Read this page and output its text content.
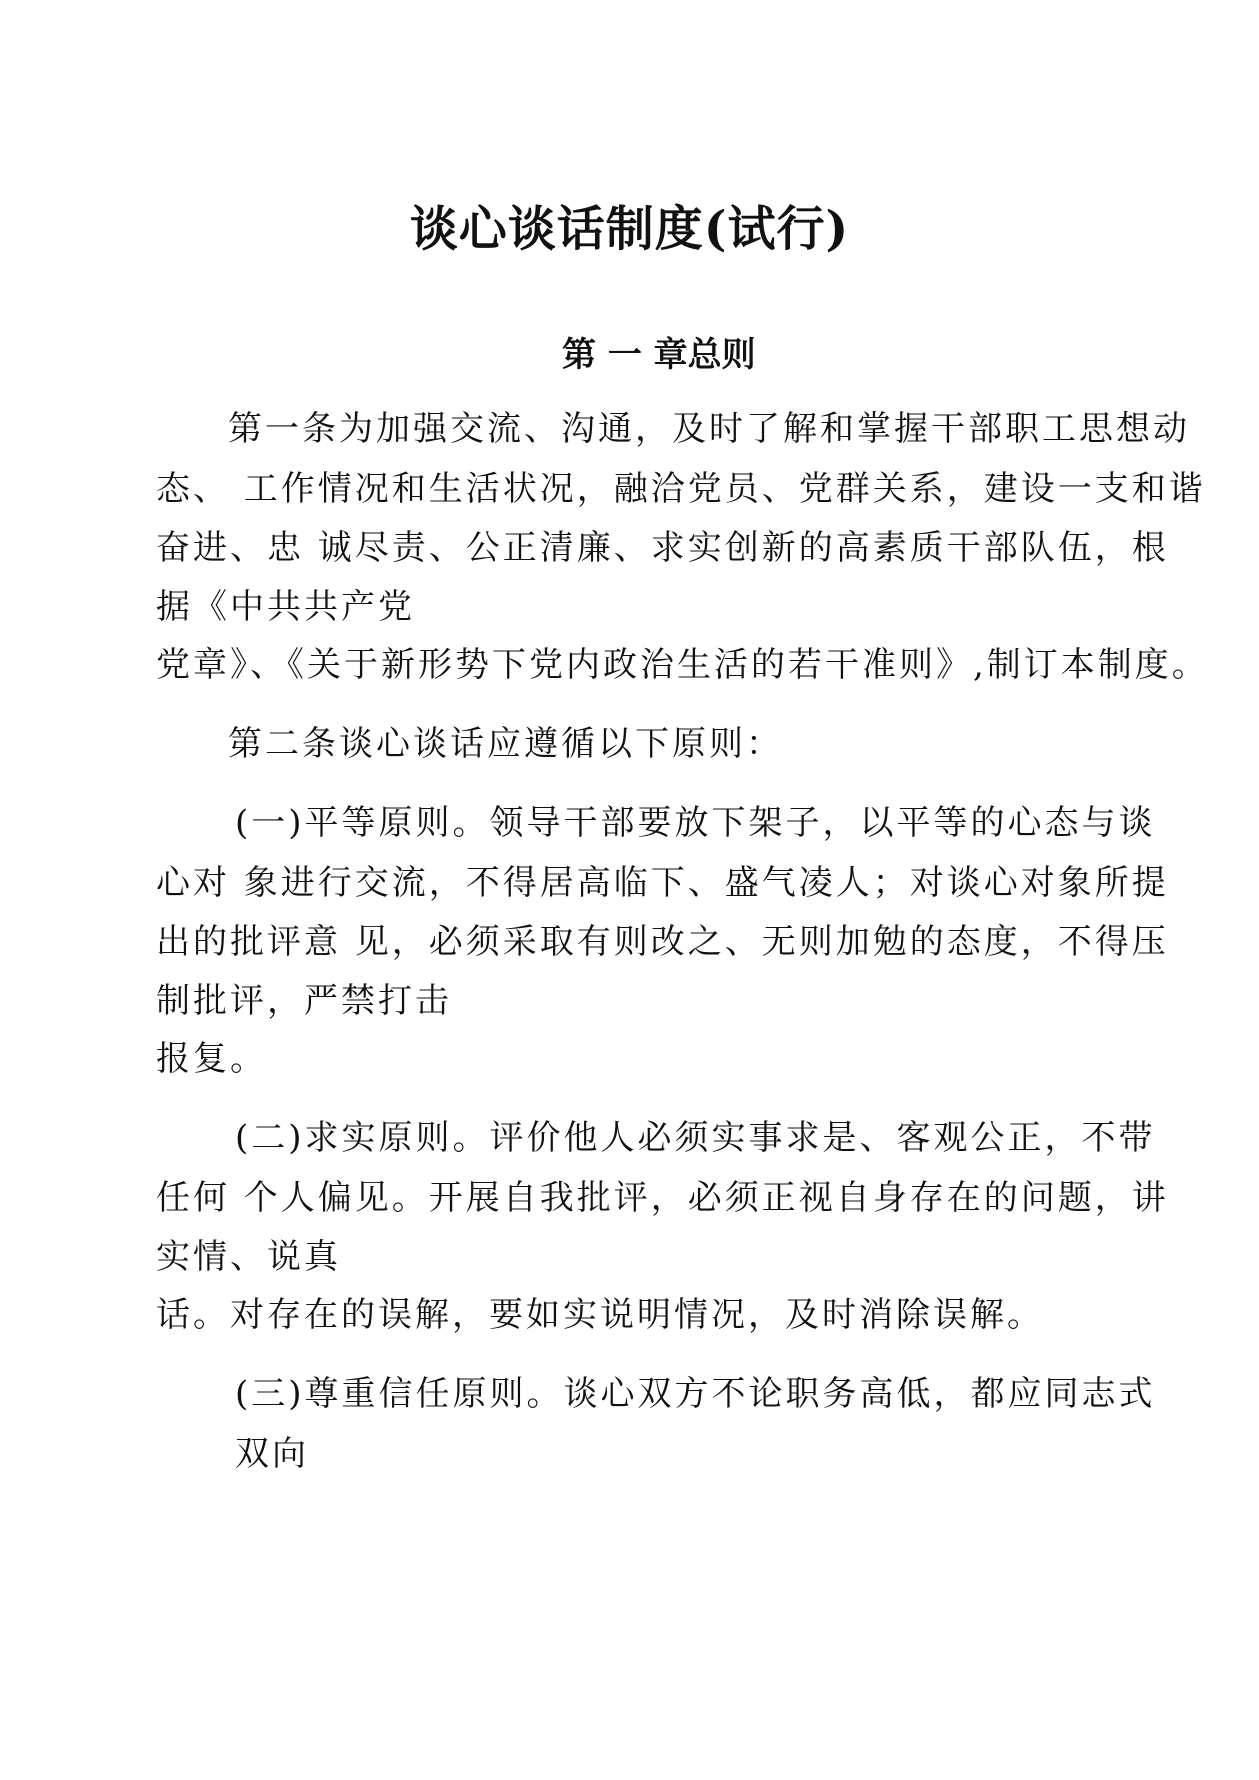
谈心谈话制度(试行)
第 一 章总则
第一条为加强交流、沟通，及时了解和掌握干部职工思想动
态、 工作情况和生活状况，融洽党员、党群关系，建设一支和谐
奋进、忠 诚尽责、公正清廉、求实创新的高素质干部队伍，根
据《中共共产党
党章》、《关于新形势下党内政治生活的若干准则》,制订本制度。
第二条谈心谈话应遵循以下原则：
(一)平等原则。领导干部要放下架子，以平等的心态与谈
心对 象进行交流，不得居高临下、盛气凌人；对谈心对象所提
出的批评意 见，必须采取有则改之、无则加勉的态度，不得压
制批评，严禁打击
报复。
(二)求实原则。评价他人必须实事求是、客观公正，不带
任何 个人偏见。开展自我批评，必须正视自身存在的问题，讲
实情、说真
话。对存在的误解，要如实说明情况，及时消除误解。
(三)尊重信任原则。谈心双方不论职务高低，都应同志式
双向
